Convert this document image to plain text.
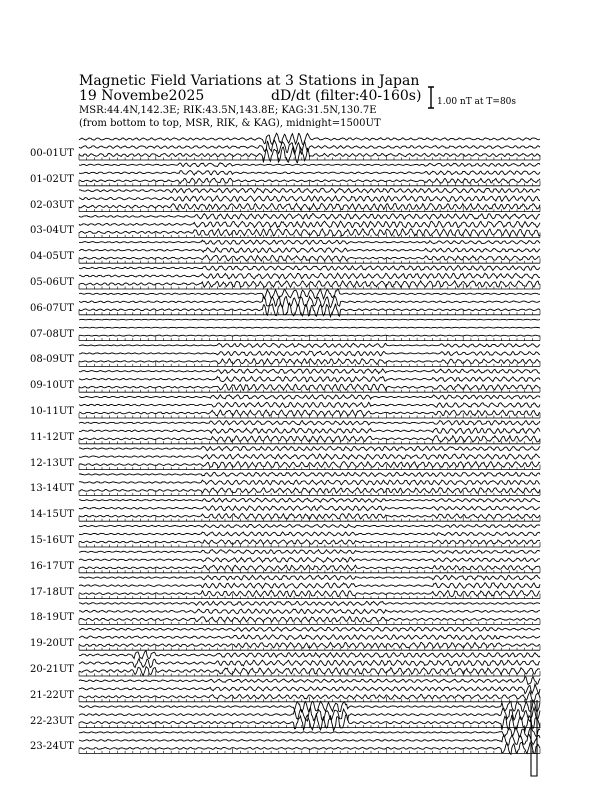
Magnetic Field Variations at 3 Stations in Japan
19 Novembe2025	dD/dt (filter:40-160s)
MSR:44.4N,142.3E; RIK:43.5N,143.8E; KAG:31.5N,130.7E
(from bottom to top, MSR, RIK, & KAG), midnight=1500UT
1.00 nT at T=80s
00-01UT
01-02UT
02-03UT
03-04UT
04-05UT
05-06UT
06-07UT
07-08UT
08-09UT
09-10UT
10-11UT
11-12UT
12-13UT
13-14UT
14-15UT
15-16UT
16-17UT
17-18UT
18-19UT
19-20UT
20-21UT
21-22UT
22-23UT
23-24UT
